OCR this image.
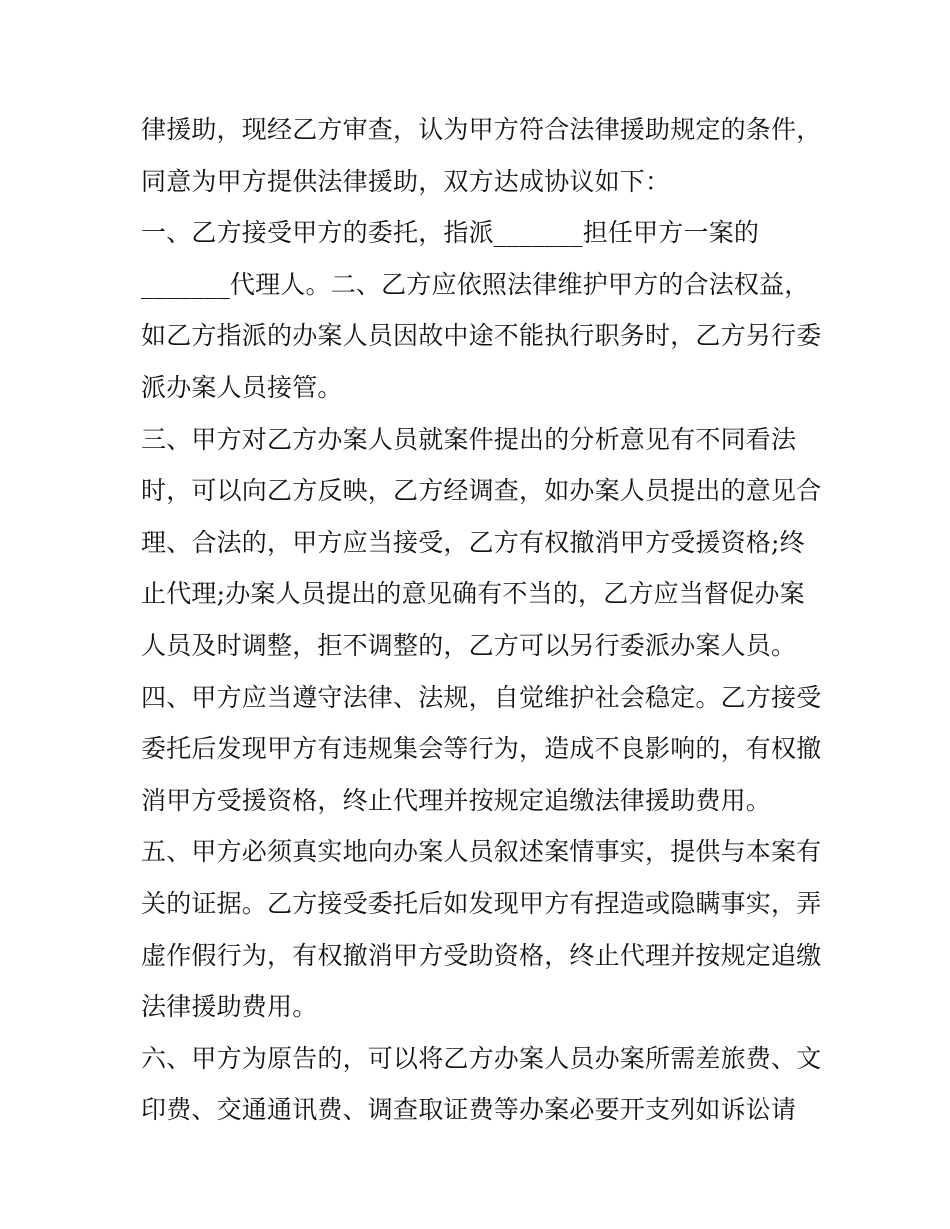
律援助，现经乙方审查，认为甲方符合法律援助规定的条件，
同意为甲方提供法律援助，双方达成协议如下：
一、乙方接受甲方的委托，指派_______担任甲方一案的
_______代理人。二、乙方应依照法律维护甲方的合法权益，
如乙方指派的办案人员因故中途不能执行职务时，乙方另行委
派办案人员接管。
三、甲方对乙方办案人员就案件提出的分析意见有不同看法
时，可以向乙方反映，乙方经调查，如办案人员提出的意见合
理、合法的，甲方应当接受，乙方有权撤消甲方受援资格;终
止代理;办案人员提出的意见确有不当的，乙方应当督促办案
人员及时调整，拒不调整的，乙方可以另行委派办案人员。
四、甲方应当遵守法律、法规，自觉维护社会稳定。乙方接受
委托后发现甲方有违规集会等行为，造成不良影响的，有权撤
消甲方受援资格，终止代理并按规定追缴法律援助费用。
五、甲方必须真实地向办案人员叙述案情事实，提供与本案有
关的证据。乙方接受委托后如发现甲方有捏造或隐瞒事实，弄
虚作假行为，有权撤消甲方受助资格，终止代理并按规定追缴
法律援助费用。
六、甲方为原告的，可以将乙方办案人员办案所需差旅费、文
印费、交通通讯费、调查取证费等办案必要开支列如诉讼请
